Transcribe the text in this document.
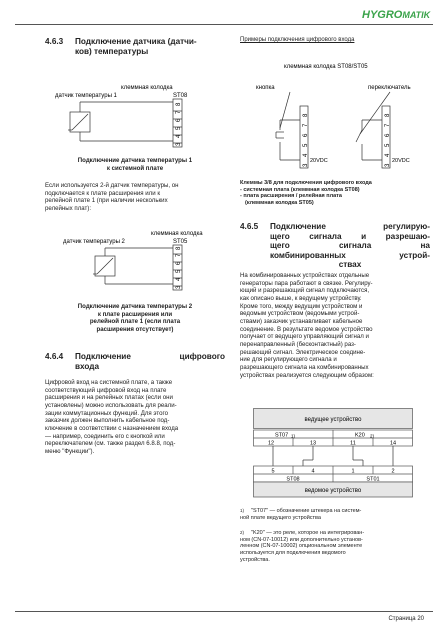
HYGROMATIK
4.6.3	Подключение датчика (датчи-
ков) температуры
клеммная колодка
ST08
датчик температуры 1
3
4
5
6
7
8
Подключение датчика температуры 1
к системной плате
Если используется 2-й датчик температуры, он
подключается к плате расширения или к
релейной плате 1 (при наличии нескольких
релейных плат):
клеммная колодка
ST05
датчик температуры 2
3
4
5
6
7
8
Подключение датчика температуры 2
к плате расширения или
релейной плате 1 (если плата
расширения отсутствует)
4.6.4	Подключение	цифрового
входа
Цифровой вход на системной плате, а также
соответствующий цифровой вход на плате
расширения и на релейных платах (если они
установлены) можно использовать для реали-
зации коммутационных функций. Для этого
заказчик должен выполнить кабельное под-
ключение в соответствии с назначением входа
— например, соединить его с кнопкой или
переключателем (см. также раздел 6.8.8, под-
меню "Функции").
Примеры подключения цифрового входа
клеммная колодка ST08/ST05
кнопка	переключатель
3
4
5
6
7
8
3
4
5
6
7
8
20VDC	20VDC
Клеммы 3/8 для подключения цифрового входа
- системная плата (клеммная колодка ST08)
- плата расширения / релейная плата
(клеммная колодка ST05)
4.6.5	Подключение регулирую-
щего сигнала и разрешаю-
щего сигнала на
комбинированных устрой-
ствах
На комбинированных устройствах отдельные
генераторы пара работают в связке. Регулиру-
ющий и разрешающий сигнал подключаются,
как описано выше, к ведущему устройству.
Кроме того, между ведущим устройством и
ведомым устройством (ведомыми устрой-
ствами) заказчик устанавливает кабельное
соединение. В результате ведомое устройство
получает от ведущего управляющий сигнал и
перенаправленный (бесконтактный) раз-
решающий сигнал. Электрическое соедине-
ние для регулирующего сигнала и
разрешающего сигнала на комбинированных
устройствах реализуется следующим образом:
ведущее устройство
ST07 1)	K20 2)
12	13	11	14
5	4	1	2
ST08	ST01
ведомое устройство
1)	"ST07" — обозначение штекера на систем-
ной плате ведущего устройства
2)	"K20" — это реле, которое на интегрирован-
ном (CN-07-10012) или дополнительно установ-
ленном (CN-07-10002) опциональном элементе
используется для подключения ведомого
устройства.
Страница 20
